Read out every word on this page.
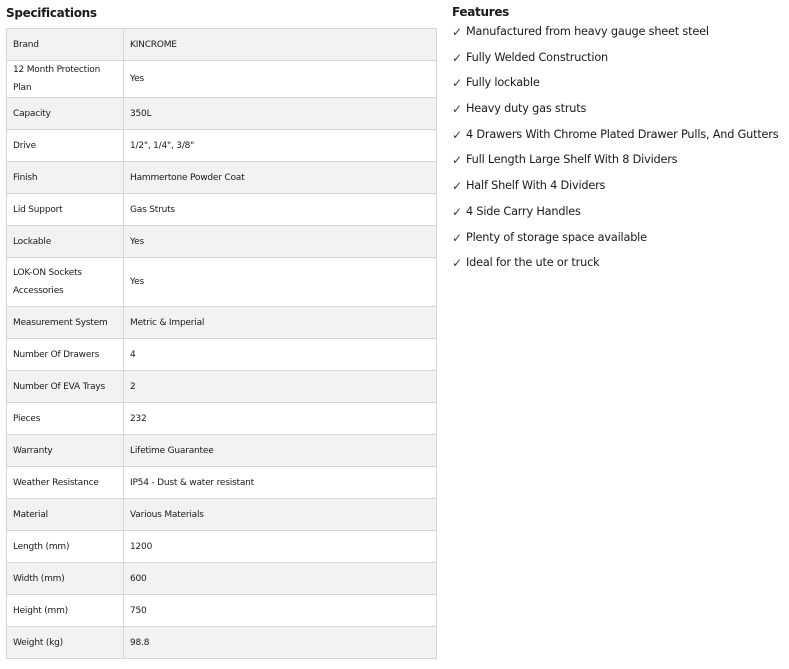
Specifications
Brand	KINCROME
12 Month Protection Plan	Yes
Capacity	350L
Drive	1/2", 1/4", 3/8"
Finish	Hammertone Powder Coat
Lid Support	Gas Struts
Lockable	Yes
LOK-ON Sockets Accessories	Yes
Measurement System	Metric & Imperial
Number Of Drawers	4
Number Of EVA Trays	2
Pieces	232
Warranty	Lifetime Guarantee
Weather Resistance	IP54 - Dust & water resistant
Material	Various Materials
Length (mm)	1200
Width (mm)	600
Height (mm)	750
Weight (kg)	98.8
Features
✓ Manufactured from heavy gauge sheet steel
✓ Fully Welded Construction
✓ Fully lockable
✓ Heavy duty gas struts
✓ 4 Drawers With Chrome Plated Drawer Pulls, And Gutters
✓ Full Length Large Shelf With 8 Dividers
✓ Half Shelf With 4 Dividers
✓ 4 Side Carry Handles
✓ Plenty of storage space available
✓ Ideal for the ute or truck
